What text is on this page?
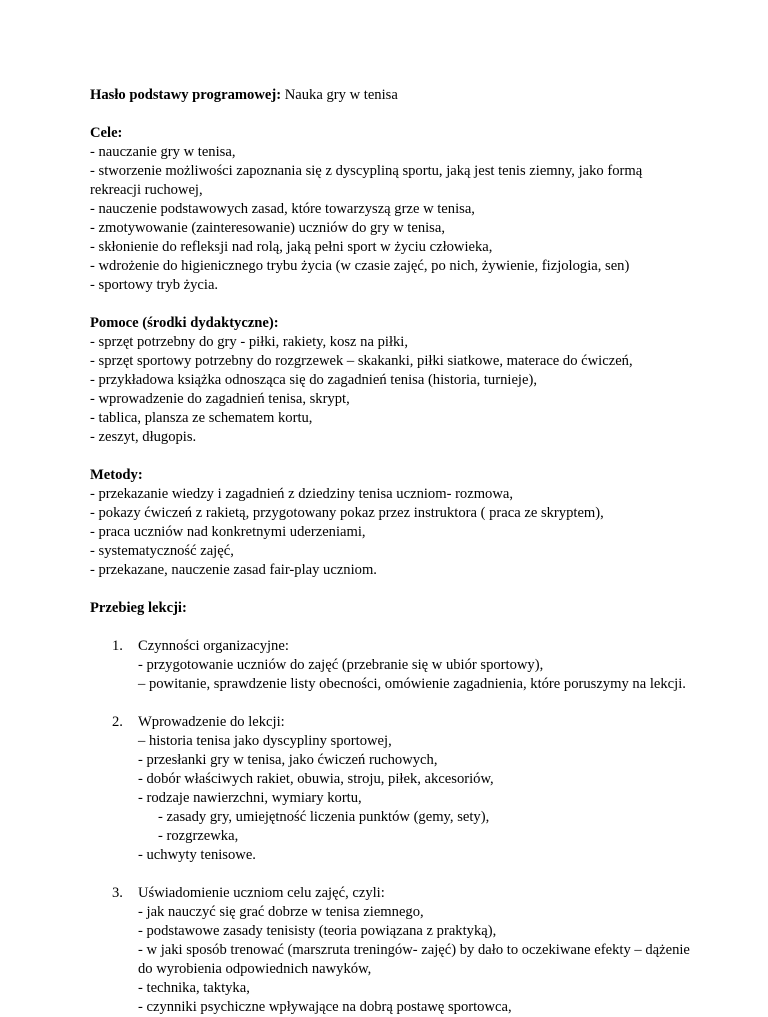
Hasło podstawy programowej: Nauka gry w tenisa
Cele:
- nauczanie gry w tenisa,
- stworzenie możliwości zapoznania się z dyscypliną sportu, jaką jest tenis ziemny, jako formą rekreacji ruchowej,
- nauczenie podstawowych zasad, które towarzyszą grze w tenisa,
- zmotywowanie (zainteresowanie) uczniów do gry w tenisa,
- skłonienie do refleksji nad rolą, jaką pełni sport w życiu człowieka,
- wdrożenie do higienicznego trybu życia (w czasie zajęć, po nich, żywienie, fizjologia, sen)
- sportowy tryb życia.
Pomoce (środki dydaktyczne):
- sprzęt potrzebny do gry - piłki, rakiety, kosz na piłki,
- sprzęt sportowy potrzebny do rozgrzewek – skakanki, piłki siatkowe, materace do ćwiczeń,
- przykładowa książka odnosząca się do zagadnień tenisa (historia, turnieje),
- wprowadzenie do zagadnień tenisa, skrypt,
- tablica, plansza ze schematem kortu,
- zeszyt, długopis.
Metody:
- przekazanie wiedzy i zagadnień z dziedziny tenisa uczniom- rozmowa,
- pokazy ćwiczeń z rakietą, przygotowany pokaz przez instruktora ( praca ze skryptem),
- praca uczniów nad konkretnymi uderzeniami,
- systematyczność zajęć,
- przekazane, nauczenie zasad fair-play uczniom.
Przebieg lekcji:
1. Czynności organizacyjne:
- przygotowanie uczniów do zajęć (przebranie się w ubiór sportowy),
– powitanie, sprawdzenie listy obecności, omówienie zagadnienia, które poruszymy na lekcji.
2. Wprowadzenie do lekcji:
– historia tenisa jako dyscypliny sportowej,
- przesłanki gry w tenisa, jako ćwiczeń ruchowych,
- dobór właściwych rakiet, obuwia, stroju, piłek, akcesoriów,
- rodzaje nawierzchni, wymiary kortu,
- zasady gry, umiejętność liczenia punktów (gemy, sety),
- rozgrzewka,
- uchwyty tenisowe.
3. Uświadomienie uczniom celu zajęć, czyli:
- jak nauczyć się grać dobrze w tenisa ziemnego,
- podstawowe zasady tenisisty (teoria powiązana z praktyką),
- w jaki sposób trenować (marszruta treningów- zajęć) by dało to oczekiwane efekty – dążenie do wyrobienia odpowiednich nawyków,
- technika, taktyka,
- czynniki psychiczne wpływające na dobrą postawę sportowca,
